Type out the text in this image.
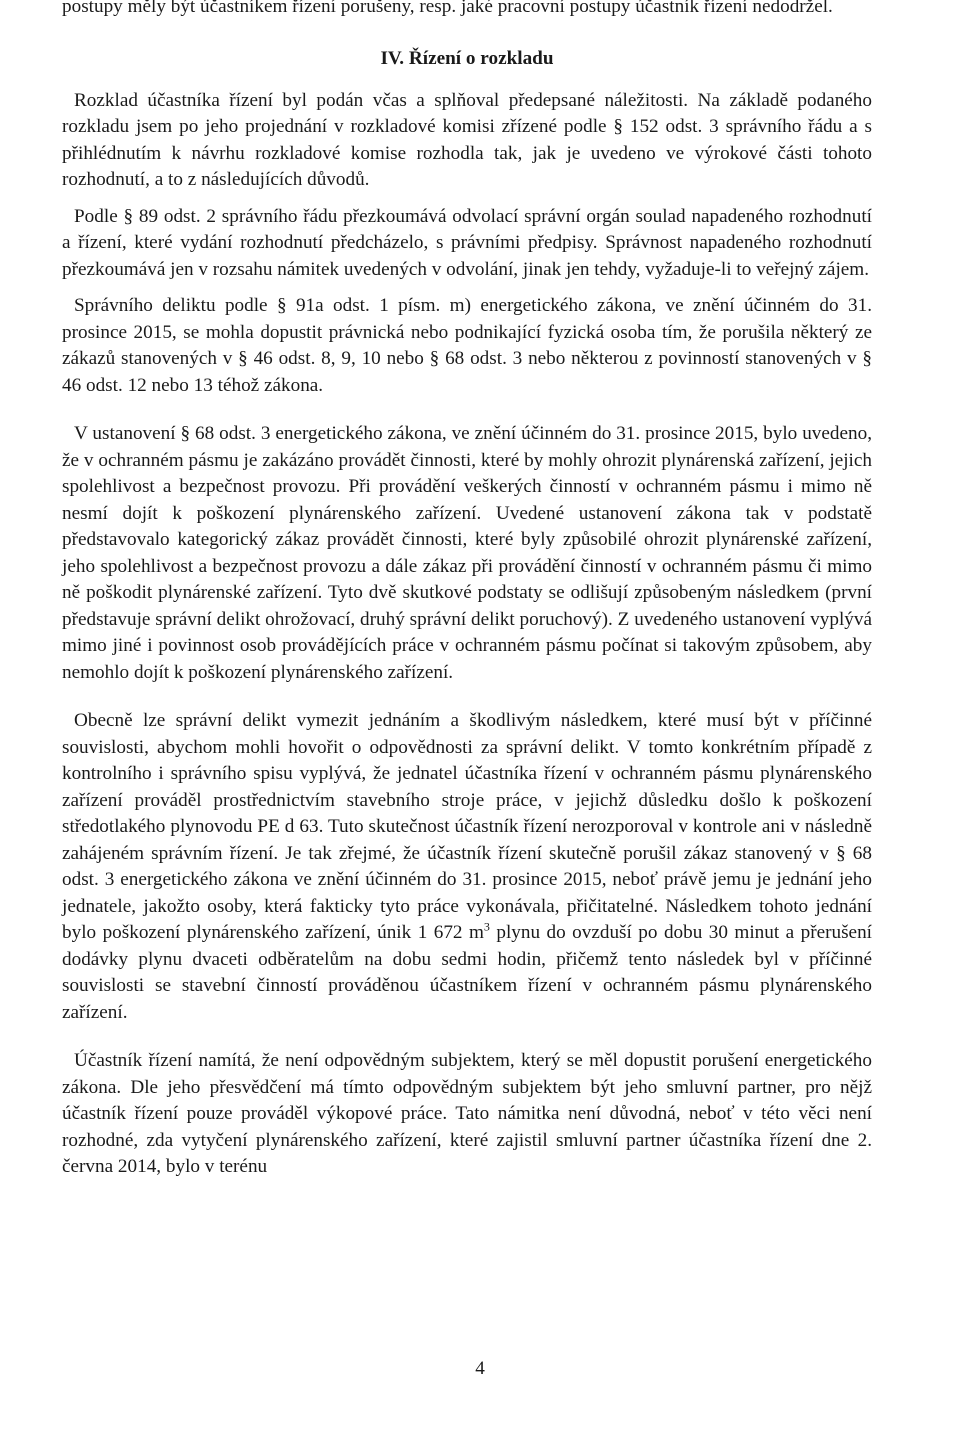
postupy měly být účastníkem řízení porušeny, resp. jaké pracovní postupy účastník řízení nedodržel.

IV. Řízení o rozkladu

Rozklad účastníka řízení byl podán včas a splňoval předepsané náležitosti. Na základě podaného rozkladu jsem po jeho projednání v rozkladové komisi zřízené podle § 152 odst. 3 správního řádu a s přihlédnutím k návrhu rozkladové komise rozhodla tak, jak je uvedeno ve výrokové části tohoto rozhodnutí, a to z následujících důvodů.

Podle § 89 odst. 2 správního řádu přezkoumává odvolací správní orgán soulad napadeného rozhodnutí a řízení, které vydání rozhodnutí předcházelo, s právními předpisy. Správnost napadeného rozhodnutí přezkoumává jen v rozsahu námitek uvedených v odvolání, jinak jen tehdy, vyžaduje-li to veřejný zájem.

Správního deliktu podle § 91a odst. 1 písm. m) energetického zákona, ve znění účinném do 31. prosince 2015, se mohla dopustit právnická nebo podnikající fyzická osoba tím, že porušila některý ze zákazů stanovených v § 46 odst. 8, 9, 10 nebo § 68 odst. 3 nebo některou z povinností stanovených v § 46 odst. 12 nebo 13 téhož zákona.

V ustanovení § 68 odst. 3 energetického zákona, ve znění účinném do 31. prosince 2015, bylo uvedeno, že v ochranném pásmu je zakázáno provádět činnosti, které by mohly ohrozit plynárenská zařízení, jejich spolehlivost a bezpečnost provozu. Při provádění veškerých činností v ochranném pásmu i mimo ně nesmí dojít k poškození plynárenského zařízení. Uvedené ustanovení zákona tak v podstatě představovalo kategorický zákaz provádět činnosti, které byly způsobilé ohrozit plynárenské zařízení, jeho spolehlivost a bezpečnost provozu a dále zákaz při provádění činností v ochranném pásmu či mimo ně poškodit plynárenské zařízení. Tyto dvě skutkové podstaty se odlišují způsobeným následkem (první představuje správní delikt ohrožovací, druhý správní delikt poruchový). Z uvedeného ustanovení vyplývá mimo jiné i povinnost osob provádějících práce v ochranném pásmu počínat si takovým způsobem, aby nemohlo dojít k poškození plynárenského zařízení.

Obecně lze správní delikt vymezit jednáním a škodlivým následkem, které musí být v příčinné souvislosti, abychom mohli hovořit o odpovědnosti za správní delikt. V tomto konkrétním případě z kontrolního i správního spisu vyplývá, že jednatel účastníka řízení v ochranném pásmu plynárenského zařízení prováděl prostřednictvím stavebního stroje práce, v jejichž důsledku došlo k poškození středotlakého plynovodu PE d 63. Tuto skutečnost účastník řízení nerozporoval v kontrole ani v následně zahájeném správním řízení. Je tak zřejmé, že účastník řízení skutečně porušil zákaz stanovený v § 68 odst. 3 energetického zákona ve znění účinném do 31. prosince 2015, neboť právě jemu je jednání jeho jednatele, jakožto osoby, která fakticky tyto práce vykonávala, přičitatelné. Následkem tohoto jednání bylo poškození plynárenského zařízení, únik 1 672 $m^3$ plynu do ovzduší po dobu 30 minut a přerušení dodávky plynu dvaceti odběratelům na dobu sedmi hodin, přičemž tento následek byl v příčinné souvislosti se stavební činností prováděnou účastníkem řízení v ochranném pásmu plynárenského zařízení.

Účastník řízení namítá, že není odpovědným subjektem, který se měl dopustit porušení energetického zákona. Dle jeho přesvědčení má tímto odpovědným subjektem být jeho smluvní partner, pro nějž účastník řízení pouze prováděl výkopové práce. Tato námitka není důvodná, neboť v této věci není rozhodné, zda vytyčení plynárenského zařízení, které zajistil smluvní partner účastníka řízení dne 2. června 2014, bylo v terénu

4
